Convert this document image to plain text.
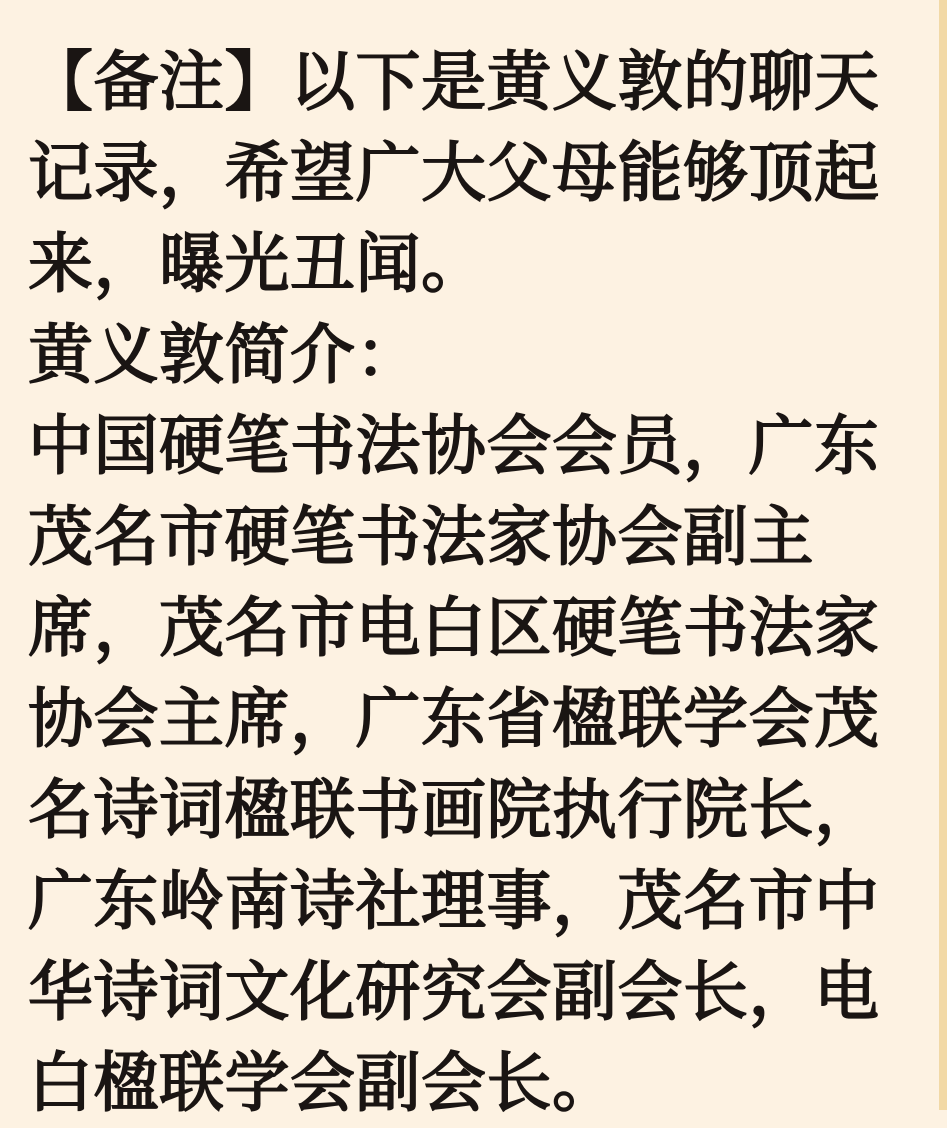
【备注】以下是黄义敦的聊天
记录，希望广大父母能够顶起
来，曝光丑闻。
黄义敦简介：
中国硬笔书法协会会员，广东
茂名市硬笔书法家协会副主
席，茂名市电白区硬笔书法家
协会主席，广东省楹联学会茂
名诗词楹联书画院执行院长，
广东岭南诗社理事，茂名市中
华诗词文化研究会副会长，电
白楹联学会副会长。
